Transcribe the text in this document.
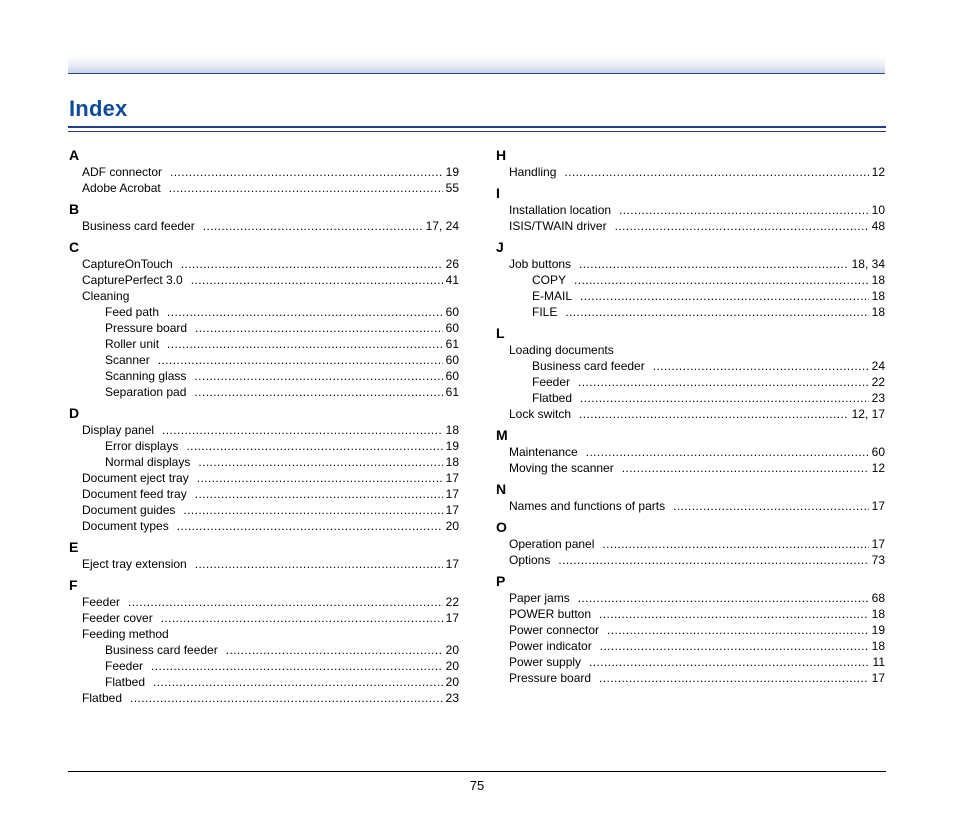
Index
A
ADF connector .....	19
Adobe Acrobat .....	55
B
Business card feeder .....	17, 24
C
CaptureOnTouch .....	26
CapturePerfect 3.0 .....	41
Cleaning
Feed path .....	60
Pressure board .....	60
Roller unit .....	61
Scanner .....	60
Scanning glass .....	60
Separation pad .....	61
D
Display panel .....	18
Error displays .....	19
Normal displays .....	18
Document eject tray .....	17
Document feed tray .....	17
Document guides .....	17
Document types .....	20
E
Eject tray extension .....	17
F
Feeder .....	22
Feeder cover .....	17
Feeding method
Business card feeder .....	20
Feeder .....	20
Flatbed .....	20
Flatbed .....	23
H
Handling .....	12
I
Installation location .....	10
ISIS/TWAIN driver .....	48
J
Job buttons .....	18, 34
COPY .....	18
E-MAIL .....	18
FILE .....	18
L
Loading documents
Business card feeder .....	24
Feeder .....	22
Flatbed .....	23
Lock switch .....	12, 17
M
Maintenance .....	60
Moving the scanner .....	12
N
Names and functions of parts .....	17
O
Operation panel .....	17
Options .....	73
P
Paper jams .....	68
POWER button .....	18
Power connector .....	19
Power indicator .....	18
Power supply .....	11
Pressure board .....	17
75
